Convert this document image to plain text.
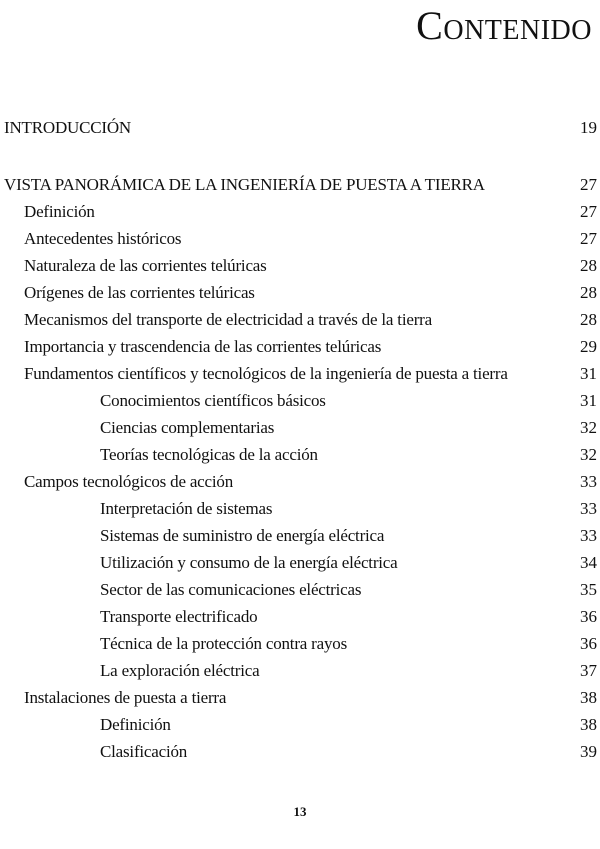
Contenido
INTRODUCCIÓN	19
VISTA PANORÁMICA DE LA INGENIERÍA DE PUESTA A TIERRA	27
Definición	27
Antecedentes históricos	27
Naturaleza de las corrientes telúricas	28
Orígenes de las corrientes telúricas	28
Mecanismos del transporte de electricidad a través de la tierra	28
Importancia y trascendencia de las corrientes telúricas	29
Fundamentos científicos y tecnológicos de la ingeniería de puesta a tierra	31
Conocimientos científicos básicos	31
Ciencias complementarias	32
Teorías tecnológicas de la acción	32
Campos tecnológicos de acción	33
Interpretación de sistemas	33
Sistemas de suministro de energía eléctrica	33
Utilización y consumo de la energía eléctrica	34
Sector de las comunicaciones eléctricas	35
Transporte electrificado	36
Técnica de la protección contra rayos	36
La exploración eléctrica	37
Instalaciones de puesta a tierra	38
Definición	38
Clasificación	39
13
